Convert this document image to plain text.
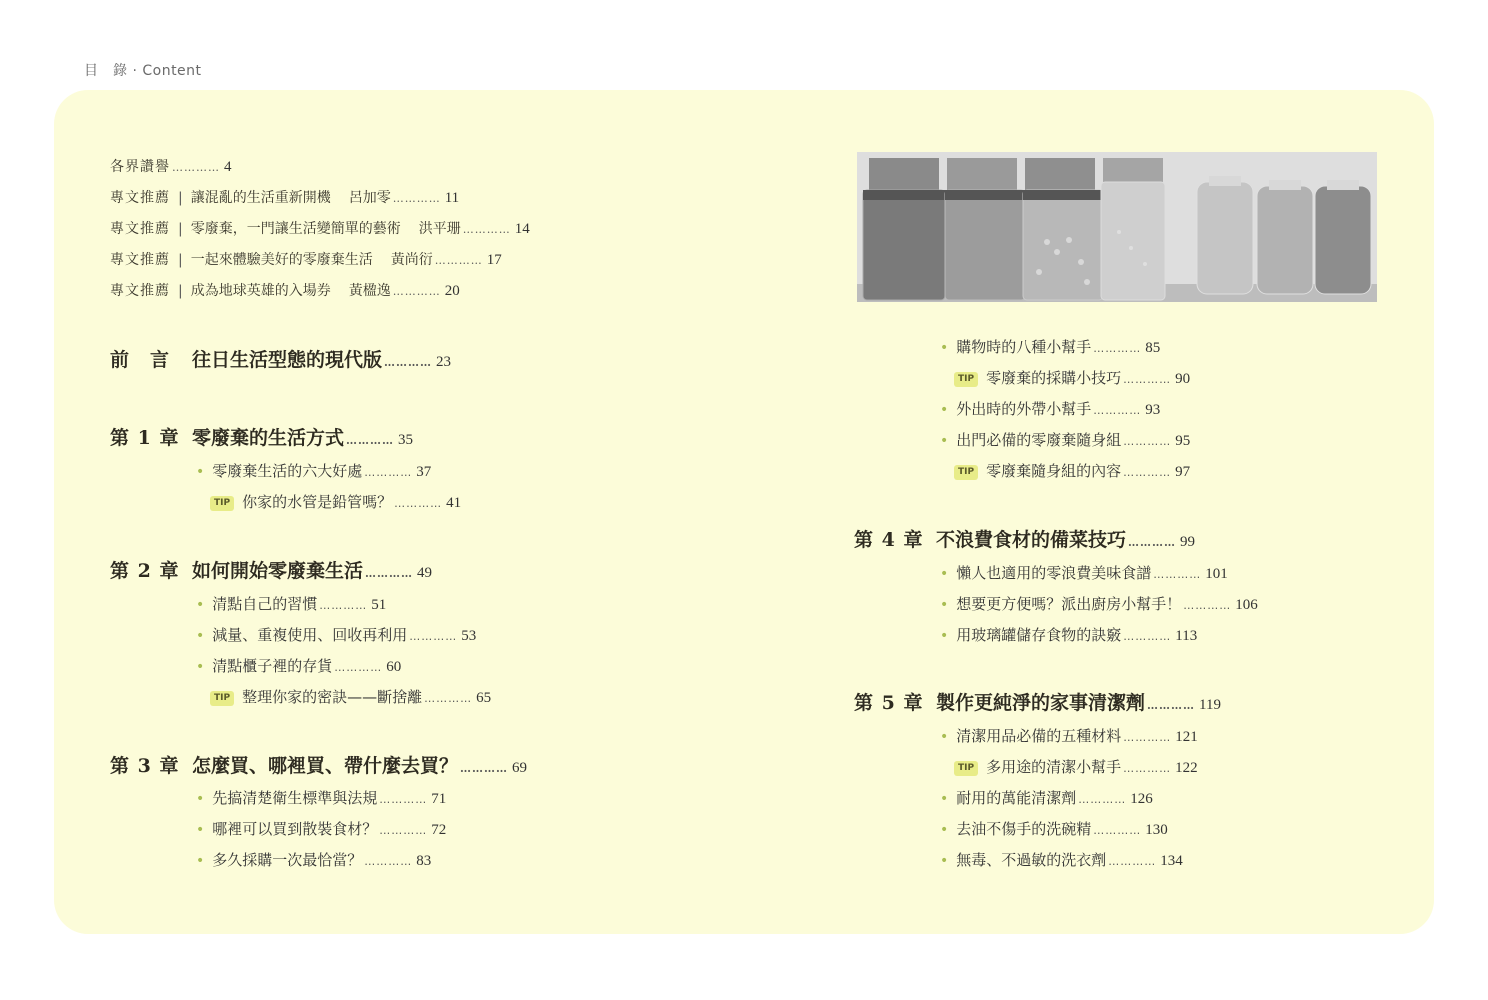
目　錄 · Content
各界讚譽 ………… 4
專文推薦 | 讓混亂的生活重新開機 呂加零 ………… 11
專文推薦 | 零廢棄，一門讓生活變簡單的藝術 洪平珊 ………… 14
專文推薦 | 一起來體驗美好的零廢棄生活 黃尚衍 ………… 17
專文推薦 | 成為地球英雄的入場券 黃楹逸 ………… 20
前　言	往日生活型態的現代版 ………… 23
第 1 章 零廢棄的生活方式 ………… 35
• 零廢棄生活的六大好處 ………… 37
TIP 你家的水管是鉛管嗎？ ………… 41
第 2 章 如何開始零廢棄生活 ………… 49
• 清點自己的習慣 ………… 51
• 減量、重複使用、回收再利用 ………… 53
• 清點櫃子裡的存貨 ………… 60
TIP 整理你家的密訣——斷捨離 ………… 65
第 3 章 怎麼買、哪裡買、帶什麼去買？ ………… 69
• 先搞清楚衛生標準與法規 ………… 71
• 哪裡可以買到散裝食材？ ………… 72
• 多久採購一次最恰當？ ………… 83
• 購物時的八種小幫手 ………… 85
TIP 零廢棄的採購小技巧 ………… 90
• 外出時的外帶小幫手 ………… 93
• 出門必備的零廢棄隨身組 ………… 95
TIP 零廢棄隨身組的內容 ………… 97
第 4 章 不浪費食材的備菜技巧 ………… 99
• 懶人也適用的零浪費美味食譜 ………… 101
• 想要更方便嗎？派出廚房小幫手！ ………… 106
• 用玻璃罐儲存食物的訣竅 ………… 113
第 5 章 製作更純淨的家事清潔劑 ………… 119
• 清潔用品必備的五種材料 ………… 121
TIP 多用途的清潔小幫手 ………… 122
• 耐用的萬能清潔劑 ………… 126
• 去油不傷手的洗碗精 ………… 130
• 無毒、不過敏的洗衣劑 ………… 134
